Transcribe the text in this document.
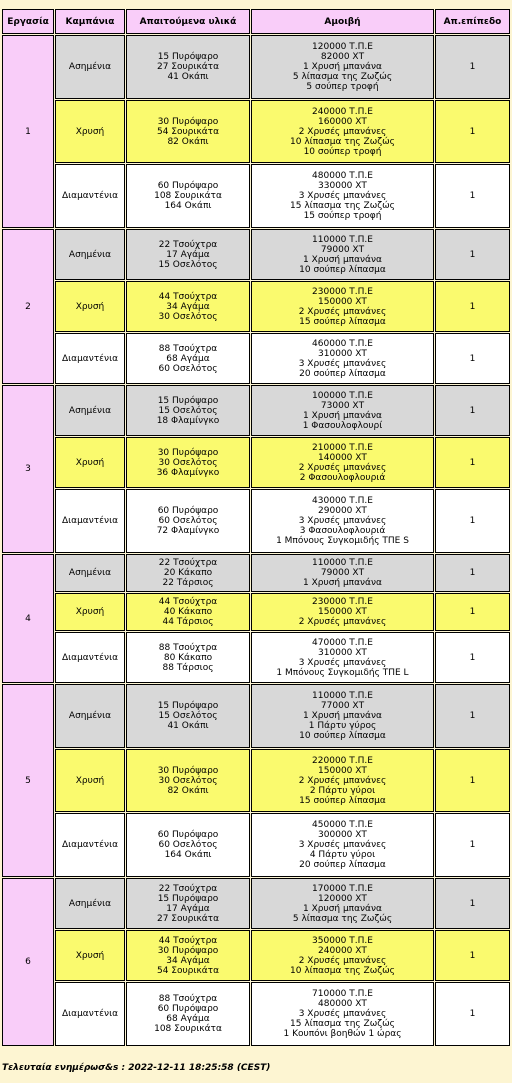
Εργασία	Καμπάνια	Απαιτούμενα υλικά	Αμοιβή	Απ.επίπεδο
1	Ασημένια	15 Πυρόψαρο
27 Σουρικάτα
41 Οκάπι	120000 Τ.Π.Ε
82000 ΧΤ
1 Χρυσή μπανάνα
5 λίπασμα της Ζωζώς
5 σούπερ τροφή	1
	Χρυσή	30 Πυρόψαρο
54 Σουρικάτα
82 Οκάπι	240000 Τ.Π.Ε
160000 ΧΤ
2 Χρυσές μπανάνες
10 λίπασμα της Ζωζώς
10 σούπερ τροφή	1
	Διαμαντένια	60 Πυρόψαρο
108 Σουρικάτα
164 Οκάπι	480000 Τ.Π.Ε
330000 ΧΤ
3 Χρυσές μπανάνες
15 λίπασμα της Ζωζώς
15 σούπερ τροφή	1
2	Ασημένια	22 Τσούχτρα
17 Αγάμα
15 Οσελότος	110000 Τ.Π.Ε
79000 ΧΤ
1 Χρυσή μπανάνα
10 σούπερ λίπασμα	1
	Χρυσή	44 Τσούχτρα
34 Αγάμα
30 Οσελότος	230000 Τ.Π.Ε
150000 ΧΤ
2 Χρυσές μπανάνες
15 σούπερ λίπασμα	1
	Διαμαντένια	88 Τσούχτρα
68 Αγάμα
60 Οσελότος	460000 Τ.Π.Ε
310000 ΧΤ
3 Χρυσές μπανάνες
20 σούπερ λίπασμα	1
3	Ασημένια	15 Πυρόψαρο
15 Οσελότος
18 Φλαμίνγκο	100000 Τ.Π.Ε
73000 ΧΤ
1 Χρυσή μπανάνα
1 Φασουλοφλουρί	1
	Χρυσή	30 Πυρόψαρο
30 Οσελότος
36 Φλαμίνγκο	210000 Τ.Π.Ε
140000 ΧΤ
2 Χρυσές μπανάνες
2 Φασουλοφλουριά	1
	Διαμαντένια	60 Πυρόψαρο
60 Οσελότος
72 Φλαμίνγκο	430000 Τ.Π.Ε
290000 ΧΤ
3 Χρυσές μπανάνες
3 Φασουλοφλουριά
1 Μπόνους Συγκομιδής ΤΠΕ S	1
4	Ασημένια	22 Τσούχτρα
20 Κάκαπο
22 Τάρσιος	110000 Τ.Π.Ε
79000 ΧΤ
1 Χρυσή μπανάνα	1
	Χρυσή	44 Τσούχτρα
40 Κάκαπο
44 Τάρσιος	230000 Τ.Π.Ε
150000 ΧΤ
2 Χρυσές μπανάνες	1
	Διαμαντένια	88 Τσούχτρα
80 Κάκαπο
88 Τάρσιος	470000 Τ.Π.Ε
310000 ΧΤ
3 Χρυσές μπανάνες
1 Μπόνους Συγκομιδής ΤΠΕ L	1
5	Ασημένια	15 Πυρόψαρο
15 Οσελότος
41 Οκάπι	110000 Τ.Π.Ε
77000 ΧΤ
1 Χρυσή μπανάνα
1 Πάρτυ γύρος
10 σούπερ λίπασμα	1
	Χρυσή	30 Πυρόψαρο
30 Οσελότος
82 Οκάπι	220000 Τ.Π.Ε
150000 ΧΤ
2 Χρυσές μπανάνες
2 Πάρτυ γύροι
15 σούπερ λίπασμα	1
	Διαμαντένια	60 Πυρόψαρο
60 Οσελότος
164 Οκάπι	450000 Τ.Π.Ε
300000 ΧΤ
3 Χρυσές μπανάνες
4 Πάρτυ γύροι
20 σούπερ λίπασμα	1
6	Ασημένια	22 Τσούχτρα
15 Πυρόψαρο
17 Αγάμα
27 Σουρικάτα	170000 Τ.Π.Ε
120000 ΧΤ
1 Χρυσή μπανάνα
5 λίπασμα της Ζωζώς	1
	Χρυσή	44 Τσούχτρα
30 Πυρόψαρο
34 Αγάμα
54 Σουρικάτα	350000 Τ.Π.Ε
240000 ΧΤ
2 Χρυσές μπανάνες
10 λίπασμα της Ζωζώς	1
	Διαμαντένια	88 Τσούχτρα
60 Πυρόψαρο
68 Αγάμα
108 Σουρικάτα	710000 Τ.Π.Ε
480000 ΧΤ
3 Χρυσές μπανάνες
15 λίπασμα της Ζωζώς
1 Κουπόνι βοηθών 1 ώρας	1
Τελευταία ενημέρωσ&s : 2022-12-11 18:25:58 (CEST)
